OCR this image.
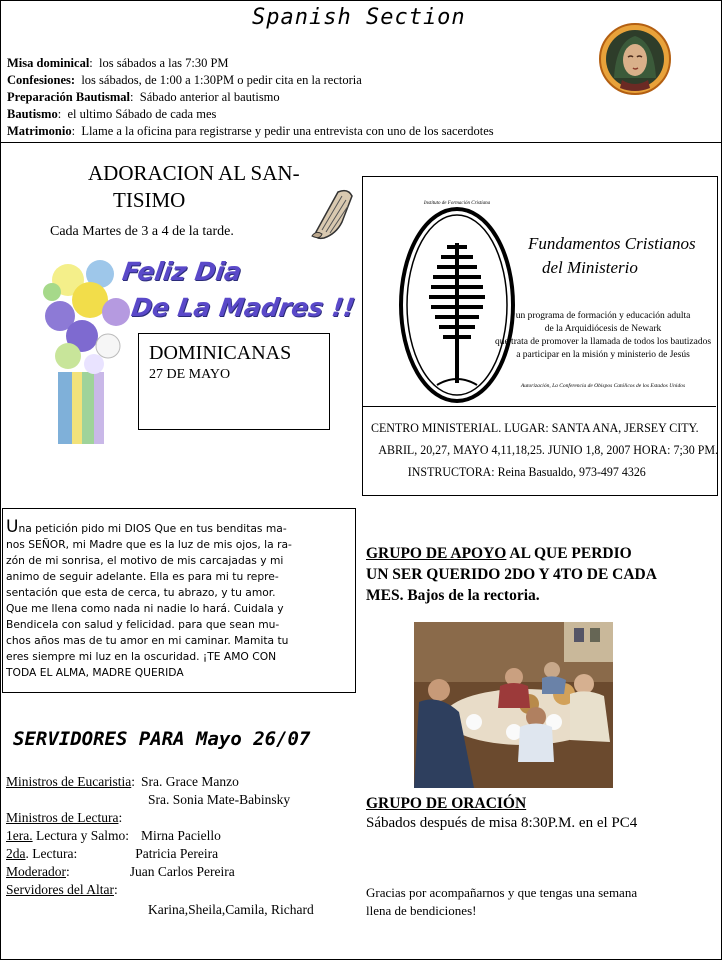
Spanish Section
Misa dominical:  los sábados a las 7:30 PM
Confesiones: los sábados, de 1:00 a 1:30PM o pedir cita en la rectoria
Preparación Bautismal:  Sábado anterior al bautismo
Bautismo:  el ultimo Sábado de cada mes
Matrimonio:  Llame a la oficina para registrarse y pedir una entrevista con uno de los sacerdotes
ADORACION AL SAN-
TISIMO
Cada Martes de 3 a 4 de la tarde.
Feliz Dia
De La Madres !!
DOMINICANAS
27 DE MAYO
Instituto de Formación Cristiana
Fundamentos Cristianos
del Ministerio
un programa de formación y educación adulta
de la Arquidiócesis de Newark
que trata de promover la llamada de todos los bautizados
a participar en la misión y ministerio de Jesús
Autorización, La Conferencia de Obispos Católicos de los Estados Unidos
CENTRO MINISTERIAL. LUGAR: SANTA ANA, JERSEY CITY.
ABRIL, 20,27, MAYO 4,11,18,25. JUNIO 1,8, 2007 HORA: 7;30 PM.
INSTRUCTORA: Reina Basualdo, 973-497 4326
Una petición pido mi DIOS Que en tus benditas ma-
nos SEÑOR, mi Madre que es la luz de mis ojos, la ra-
zón de mi sonrisa, el motivo de mis carcajadas y mi
animo de seguir adelante. Ella es para mi tu repre-
sentación que esta de cerca, tu abrazo, y tu amor.
Que me llena como nada ni nadie lo hará. Cuidala y
Bendicela con salud y felicidad. para que sean mu-
chos años mas de tu amor en mi caminar. Mamita tu
eres siempre mi luz en la oscuridad. ¡TE AMO CON
TODA EL ALMA, MADRE QUERIDA
GRUPO DE APOYO AL QUE PERDIO
UN SER QUERIDO 2DO Y 4TO DE CADA
MES. Bajos de la rectoria.
SERVIDORES PARA Mayo 26/07
Ministros de Eucaristia: Sra. Grace Manzo
Sra. Sonia Mate-Babinsky
Ministros de Lectura:
1era. Lectura y Salmo: Mirna Paciello
2da. Lectura:	Patricia Pereira
Moderador:	Juan Carlos Pereira
Servidores del Altar:
Karina,Sheila,Camila, Richard
GRUPO DE ORACIÓN
Sábados después de misa 8:30P.M. en el PC4
Gracias por acompañarnos y que tengas una semana
llena de bendiciones!
